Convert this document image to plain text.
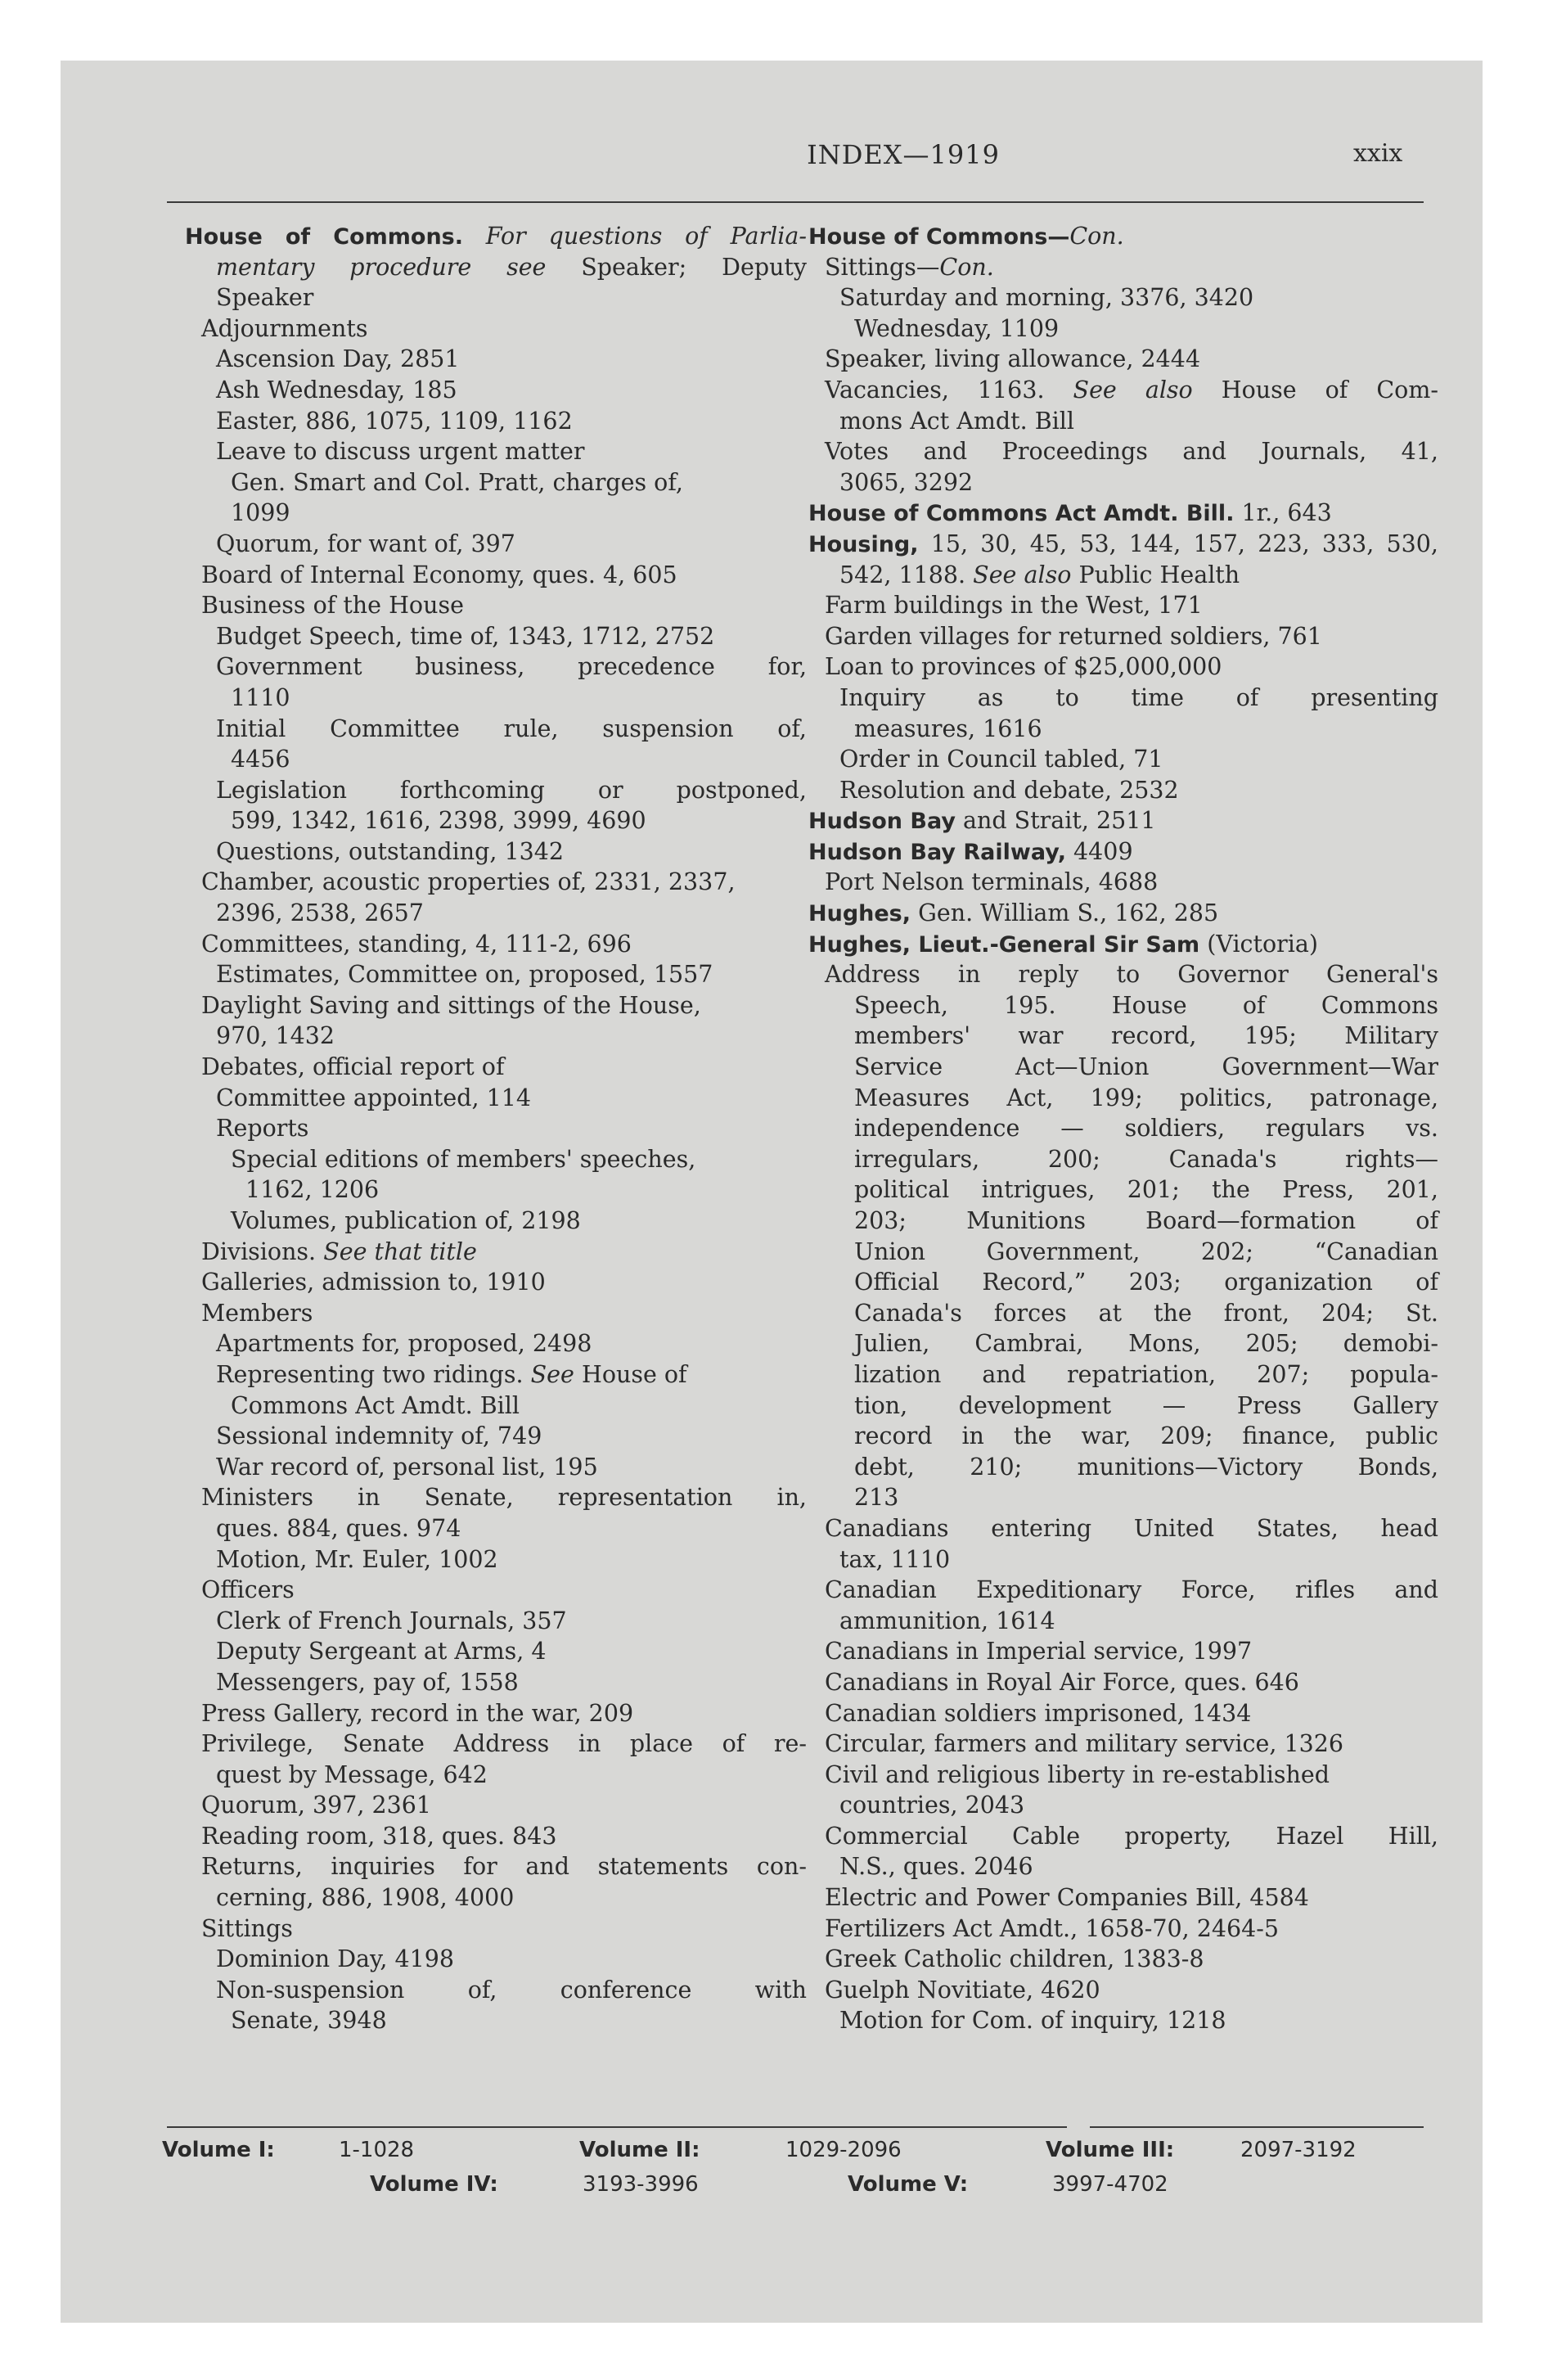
INDEX—1919	xxix
House of Commons. For questions of Parlia-
mentary procedure see Speaker; Deputy
Speaker
Adjournments
Ascension Day, 2851
Ash Wednesday, 185
Easter, 886, 1075, 1109, 1162
Leave to discuss urgent matter
Gen. Smart and Col. Pratt, charges of,
1099
Quorum, for want of, 397
Board of Internal Economy, ques. 4, 605
Business of the House
Budget Speech, time of, 1343, 1712, 2752
Government business, precedence for,
1110
Initial Committee rule, suspension of,
4456
Legislation forthcoming or postponed,
599, 1342, 1616, 2398, 3999, 4690
Questions, outstanding, 1342
Chamber, acoustic properties of, 2331, 2337,
2396, 2538, 2657
Committees, standing, 4, 111-2, 696
Estimates, Committee on, proposed, 1557
Daylight Saving and sittings of the House,
970, 1432
Debates, official report of
Committee appointed, 114
Reports
Special editions of members' speeches,
1162, 1206
Volumes, publication of, 2198
Divisions. See that title
Galleries, admission to, 1910
Members
Apartments for, proposed, 2498
Representing two ridings. See House of
Commons Act Amdt. Bill
Sessional indemnity of, 749
War record of, personal list, 195
Ministers in Senate, representation in,
ques. 884, ques. 974
Motion, Mr. Euler, 1002
Officers
Clerk of French Journals, 357
Deputy Sergeant at Arms, 4
Messengers, pay of, 1558
Press Gallery, record in the war, 209
Privilege, Senate Address in place of re-
quest by Message, 642
Quorum, 397, 2361
Reading room, 318, ques. 843
Returns, inquiries for and statements con-
cerning, 886, 1908, 4000
Sittings
Dominion Day, 4198
Non-suspension of, conference with
Senate, 3948
House of Commons—Con.
Sittings—Con.
Saturday and morning, 3376, 3420
Wednesday, 1109
Speaker, living allowance, 2444
Vacancies, 1163. See also House of Com-
mons Act Amdt. Bill
Votes and Proceedings and Journals, 41,
3065, 3292
House of Commons Act Amdt. Bill. 1r., 643
Housing, 15, 30, 45, 53, 144, 157, 223, 333, 530,
542, 1188. See also Public Health
Farm buildings in the West, 171
Garden villages for returned soldiers, 761
Loan to provinces of $25,000,000
Inquiry as to time of presenting
measures, 1616
Order in Council tabled, 71
Resolution and debate, 2532
Hudson Bay and Strait, 2511
Hudson Bay Railway, 4409
Port Nelson terminals, 4688
Hughes, Gen. William S., 162, 285
Hughes, Lieut.-General Sir Sam (Victoria)
Address in reply to Governor General's
Speech, 195. House of Commons
members' war record, 195; Military
Service Act—Union Government—War
Measures Act, 199; politics, patronage,
independence — soldiers, regulars vs.
irregulars, 200; Canada's rights—
political intrigues, 201; the Press, 201,
203; Munitions Board—formation of
Union Government, 202; “Canadian
Official Record,” 203; organization of
Canada's forces at the front, 204; St.
Julien, Cambrai, Mons, 205; demobi-
lization and repatriation, 207; popula-
tion, development — Press Gallery
record in the war, 209; finance, public
debt, 210; munitions—Victory Bonds,
213
Canadians entering United States, head
tax, 1110
Canadian Expeditionary Force, rifles and
ammunition, 1614
Canadians in Imperial service, 1997
Canadians in Royal Air Force, ques. 646
Canadian soldiers imprisoned, 1434
Circular, farmers and military service, 1326
Civil and religious liberty in re-established
countries, 2043
Commercial Cable property, Hazel Hill,
N.S., ques. 2046
Electric and Power Companies Bill, 4584
Fertilizers Act Amdt., 1658-70, 2464-5
Greek Catholic children, 1383-8
Guelph Novitiate, 4620
Motion for Com. of inquiry, 1218
Volume I:	1-1028	Volume II:	1029-2096	Volume III:	2097-3192
Volume IV:	3193-3996	Volume V:	3997-4702
